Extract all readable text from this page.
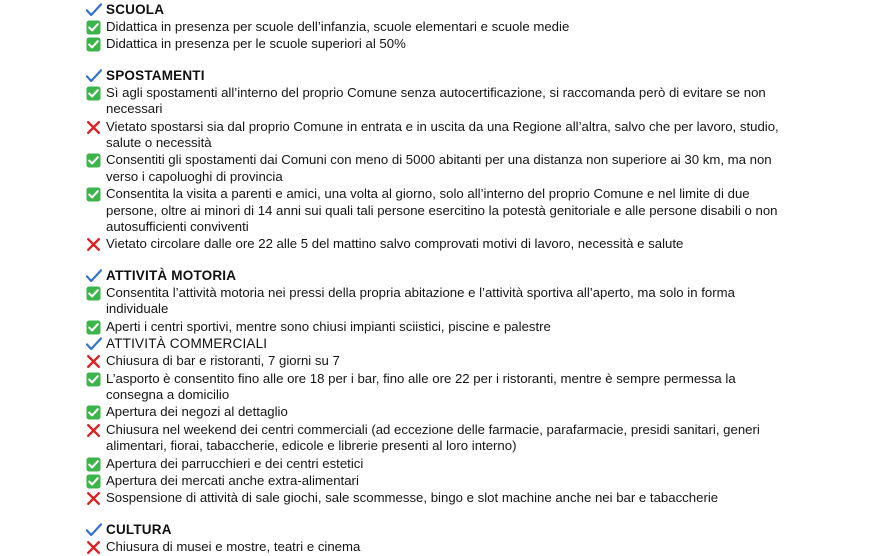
SCUOLA
Didattica in presenza per scuole dell’infanzia, scuole elementari e scuole medie
Didattica in presenza per le scuole superiori al 50%
SPOSTAMENTI
Sì agli spostamenti all’interno del proprio Comune senza autocertificazione, si raccomanda però di evitare se non necessari
Vietato spostarsi sia dal proprio Comune in entrata e in uscita da una Regione all’altra, salvo che per lavoro, studio, salute o necessità
Consentiti gli spostamenti dai Comuni con meno di 5000 abitanti per una distanza non superiore ai 30 km, ma non verso i capoluoghi di provincia
Consentita la visita a parenti e amici, una volta al giorno, solo all’interno del proprio Comune e nel limite di due persone, oltre ai minori di 14 anni sui quali tali persone esercitino la potestà genitoriale e alle persone disabili o non autosufficienti conviventi
Vietato circolare dalle ore 22 alle 5 del mattino salvo comprovati motivi di lavoro, necessità e salute
ATTIVITÀ MOTORIA
Consentita l’attività motoria nei pressi della propria abitazione e l’attività sportiva all’aperto, ma solo in forma individuale
Aperti i centri sportivi, mentre sono chiusi impianti sciistici, piscine e palestre
ATTIVITÀ COMMERCIALI
Chiusura di bar e ristoranti, 7 giorni su 7
L’asporto è consentito fino alle ore 18 per i bar, fino alle ore 22 per i ristoranti, mentre è sempre permessa la consegna a domicilio
Apertura dei negozi al dettaglio
Chiusura nel weekend dei centri commerciali (ad eccezione delle farmacie, parafarmacie, presidi sanitari, generi alimentari, fiorai, tabaccherie, edicole e librerie presenti al loro interno)
Apertura dei parrucchieri e dei centri estetici
Apertura dei mercati anche extra-alimentari
Sospensione di attività di sale giochi, sale scommesse, bingo e slot machine anche nei bar e tabaccherie
CULTURA
Chiusura di musei e mostre, teatri e cinema
